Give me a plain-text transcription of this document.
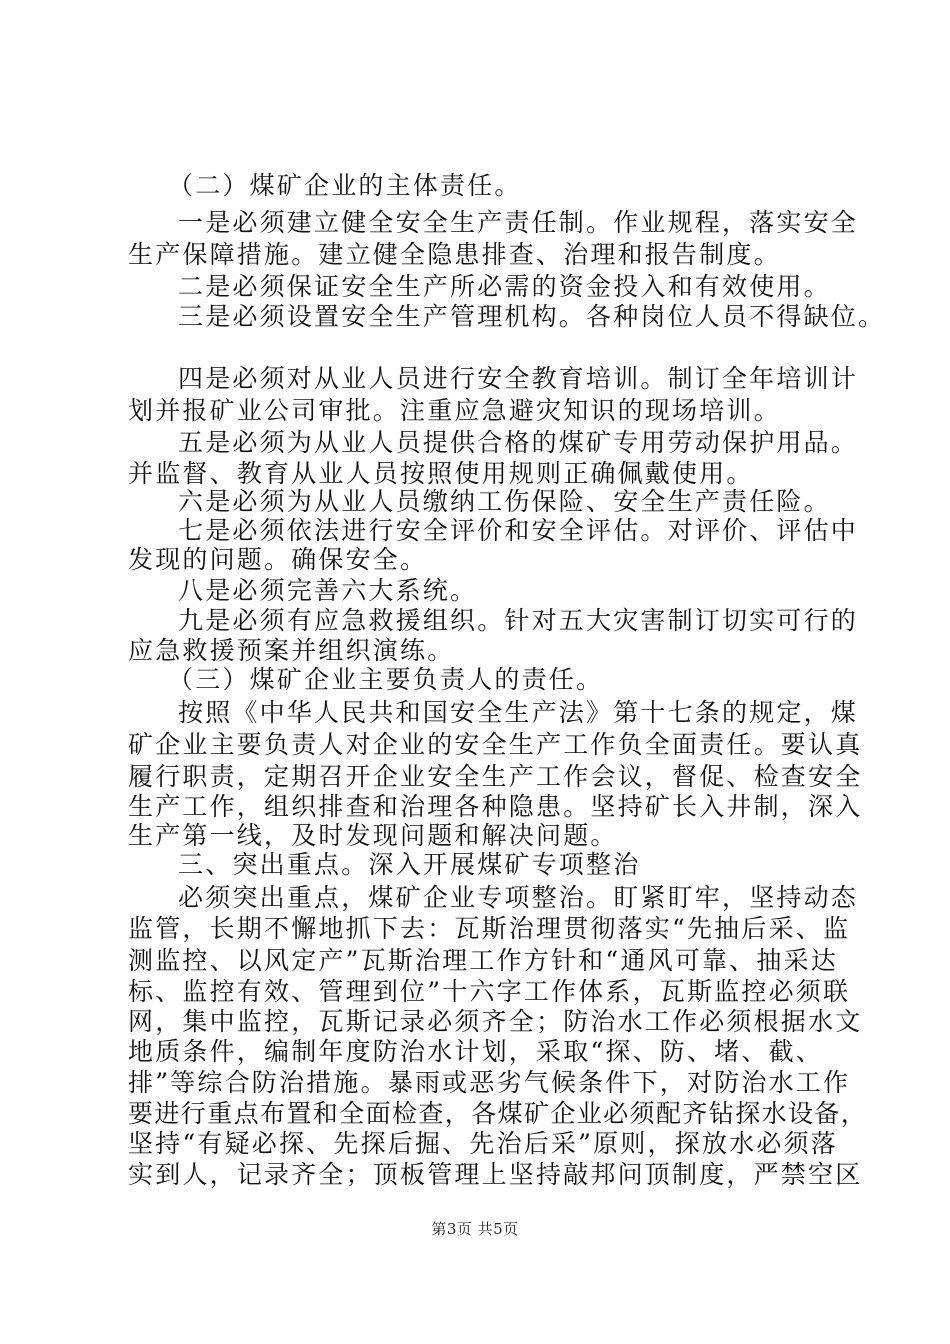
（二）煤矿企业的主体责任。
一是必须建立健全安全生产责任制。作业规程，落实安全
生产保障措施。建立健全隐患排查、治理和报告制度。
二是必须保证安全生产所必需的资金投入和有效使用。
三是必须设置安全生产管理机构。各种岗位人员不得缺位。
四是必须对从业人员进行安全教育培训。制订全年培训计
划并报矿业公司审批。注重应急避灾知识的现场培训。
五是必须为从业人员提供合格的煤矿专用劳动保护用品。
并监督、教育从业人员按照使用规则正确佩戴使用。
六是必须为从业人员缴纳工伤保险、安全生产责任险。
七是必须依法进行安全评价和安全评估。对评价、评估中
发现的问题。确保安全。
八是必须完善六大系统。
九是必须有应急救援组织。针对五大灾害制订切实可行的
应急救援预案并组织演练。
（三）煤矿企业主要负责人的责任。
按照《中华人民共和国安全生产法》第十七条的规定，煤
矿企业主要负责人对企业的安全生产工作负全面责任。要认真
履行职责，定期召开企业安全生产工作会议，督促、检查安全
生产工作，组织排查和治理各种隐患。坚持矿长入井制，深入
生产第一线，及时发现问题和解决问题。
三、突出重点。深入开展煤矿专项整治
必须突出重点，煤矿企业专项整治。盯紧盯牢，坚持动态
监管，长期不懈地抓下去：瓦斯治理贯彻落实“先抽后采、监
测监控、以风定产”瓦斯治理工作方针和“通风可靠、抽采达
标、监控有效、管理到位”十六字工作体系，瓦斯监控必须联
网，集中监控，瓦斯记录必须齐全；防治水工作必须根据水文
地质条件，编制年度防治水计划，采取“探、防、堵、截、
排”等综合防治措施。暴雨或恶劣气候条件下，对防治水工作
要进行重点布置和全面检查，各煤矿企业必须配齐钻探水设备，
坚持“有疑必探、先探后掘、先治后采”原则，探放水必须落
实到人，记录齐全；顶板管理上坚持敲邦问顶制度，严禁空区
第3页 共5页
